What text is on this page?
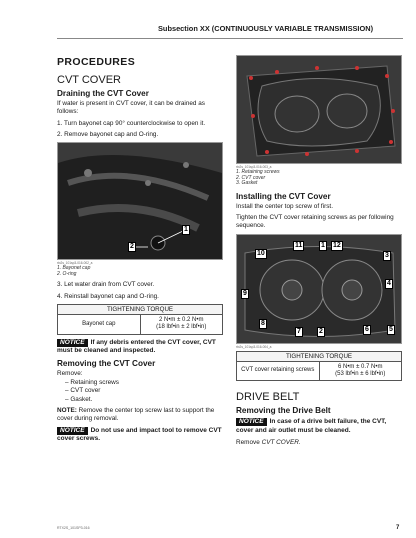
Subsection XX (CONTINUOUSLY VARIABLE TRANSMISSION)
PROCEDURES
CVT COVER
Draining the CVT Cover

If water is present in CVT cover, it can be drained as follows:

1. Turn bayonet cap 90° counterclockwise to open it.
2. Remove bayonet cap and O-ring.
1
2
rtx2s_101sp3-016-002_a
1. Bayonet cap
2. O-ring

3. Let water drain from CVT cover.

4. Reinstall bayonet cap and O-ring.

TIGHTENING TORQUE
Bayonet cap	
2 N•m ± 0.2 N•m
(18 lbf•in ± 2 lbf•in)
NOTICE If any debris entered the CVT cover, CVT must be cleaned and inspected.
Removing the CVT Cover

Remove:

– Retaining screws
– CVT cover
– Gasket.

NOTE: Remove the center top screw last to support the cover during removal.

NOTICE Do not use and impact tool to remove CVT cover screws.
rtx2s_101sp3-016-003_a
1. Retaining screws
2. CVT cover
3. Gasket
Installing the CVT Cover

Install the center top screw of first.

Tighten the CVT cover retaining screws as per following sequence.

10
11	1 12
3
4
9
8
7	2	6	5
rtx2s_101sp3-016-004_a
TIGHTENING TORQUE
CVT cover retaining screws	
6 N•m ± 0.7 N•m
(53 lbf•in ± 6 lbf•in)
DRIVE BELT
Removing the Drive Belt
NOTICE In case of a drive belt failure, the CVT, cover and air outlet must be cleaned.

Remove CVT COVER.

RTX2S_101SP3-016	7
